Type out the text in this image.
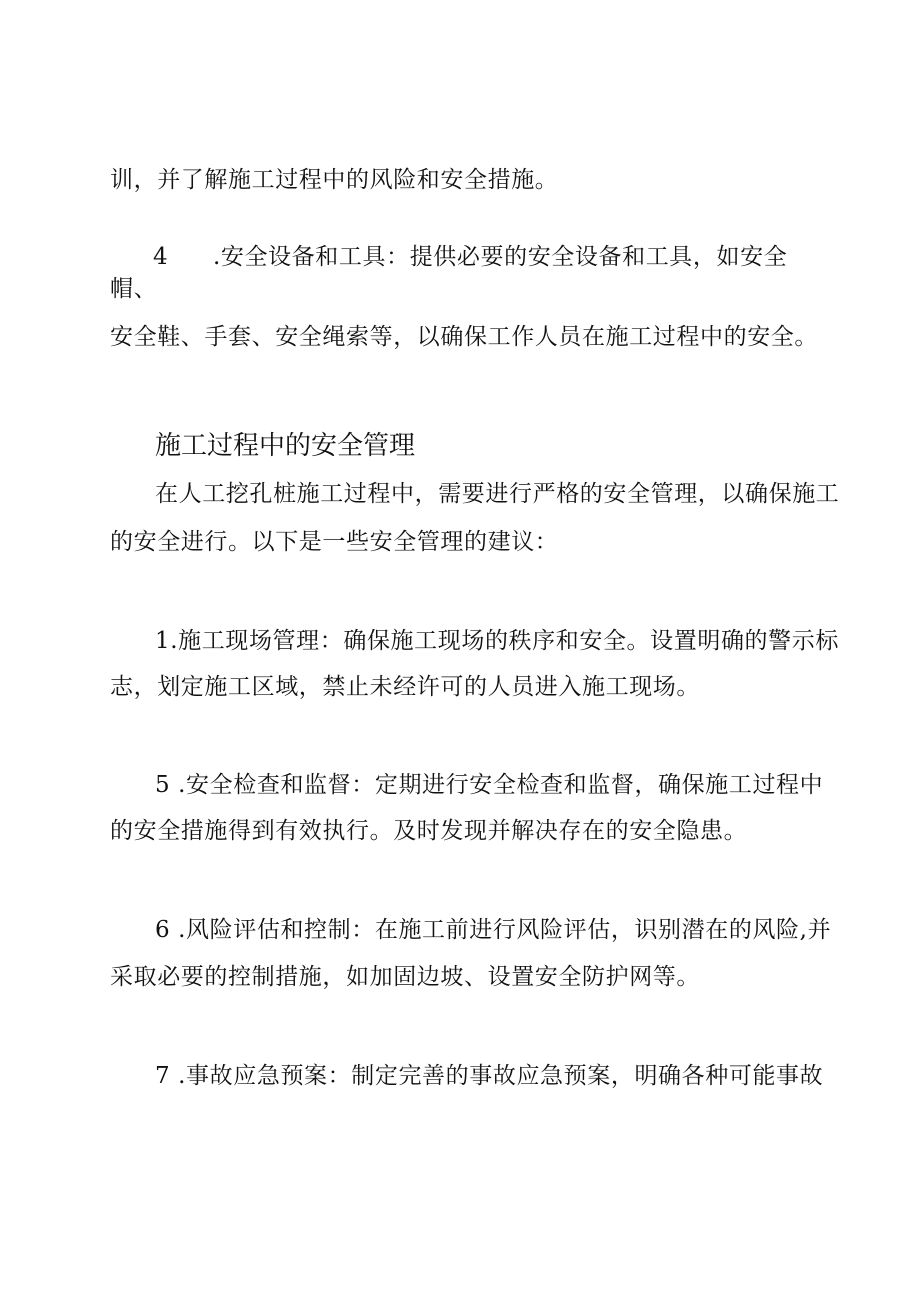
训，并了解施工过程中的风险和安全措施。
4 .安全设备和工具：提供必要的安全设备和工具，如安全
帽、
安全鞋、手套、安全绳索等，以确保工作人员在施工过程中的安全。
施工过程中的安全管理
在人工挖孔桩施工过程中，需要进行严格的安全管理，以确保施工
的安全进行。以下是一些安全管理的建议：
1.施工现场管理：确保施工现场的秩序和安全。设置明确的警示标
志，划定施工区域，禁止未经许可的人员进入施工现场。
5 .安全检查和监督：定期进行安全检查和监督，确保施工过程中
的安全措施得到有效执行。及时发现并解决存在的安全隐患。
6 .风险评估和控制：在施工前进行风险评估，识别潜在的风险,并
采取必要的控制措施，如加固边坡、设置安全防护网等。
7 .事故应急预案：制定完善的事故应急预案，明确各种可能事故
